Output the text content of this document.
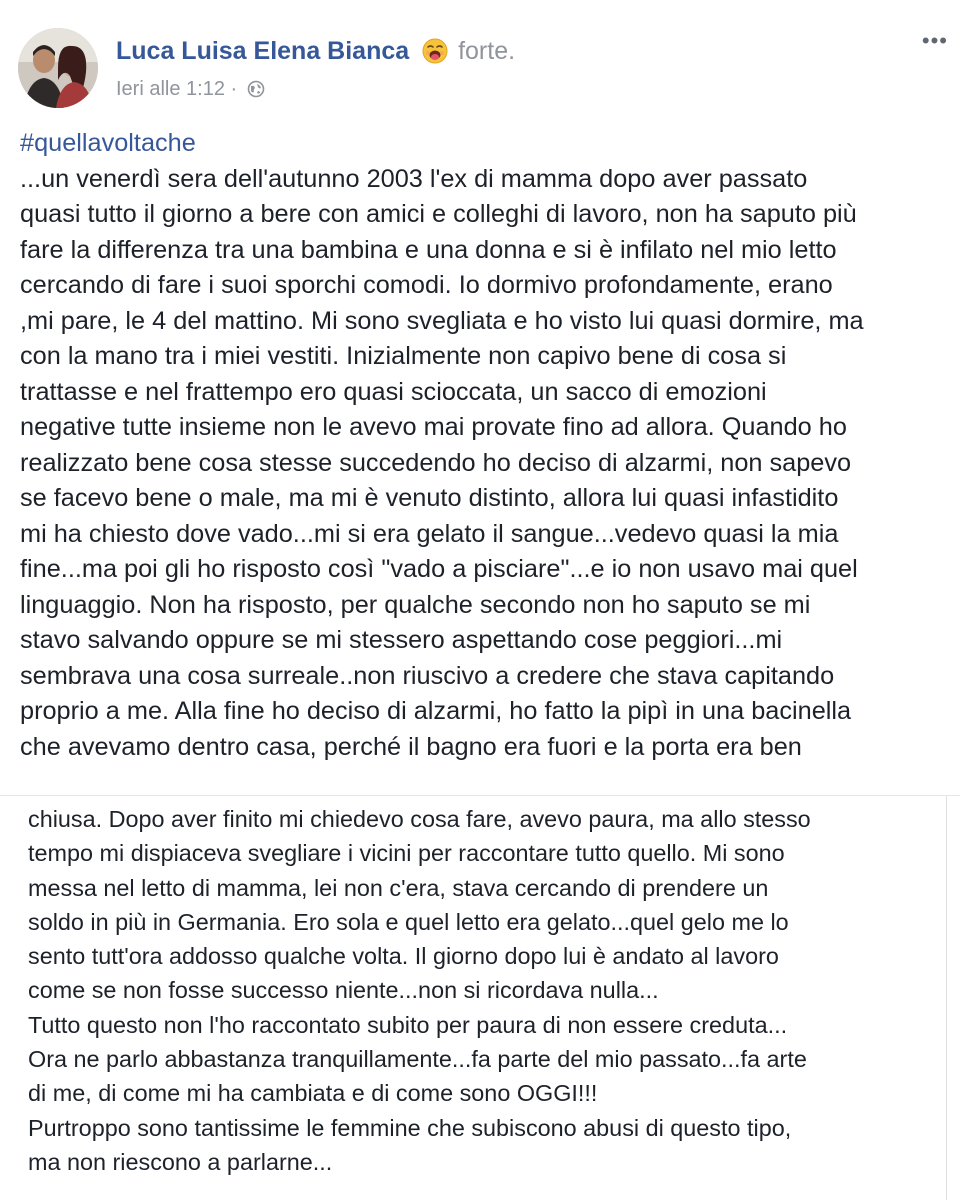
Luca Luisa Elena Bianca forte.
Ieri alle 1:12 ·
•••
#quellavoltache
...un venerdì sera dell'autunno 2003 l'ex di mamma dopo aver passato
quasi tutto il giorno a bere con amici e colleghi di lavoro, non ha saputo più
fare la differenza tra una bambina e una donna e si è infilato nel mio letto
cercando di fare i suoi sporchi comodi. Io dormivo profondamente, erano
,mi pare, le 4 del mattino. Mi sono svegliata e ho visto lui quasi dormire, ma
con la mano tra i miei vestiti. Inizialmente non capivo bene di cosa si
trattasse e nel frattempo ero quasi scioccata, un sacco di emozioni
negative tutte insieme non le avevo mai provate fino ad allora. Quando ho
realizzato bene cosa stesse succedendo ho deciso di alzarmi, non sapevo
se facevo bene o male, ma mi è venuto distinto, allora lui quasi infastidito
mi ha chiesto dove vado...mi si era gelato il sangue...vedevo quasi la mia
fine...ma poi gli ho risposto così "vado a pisciare"...e io non usavo mai quel
linguaggio. Non ha risposto, per qualche secondo non ho saputo se mi
stavo salvando oppure se mi stessero aspettando cose peggiori...mi
sembrava una cosa surreale..non riuscivo a credere che stava capitando
proprio a me. Alla fine ho deciso di alzarmi, ho fatto la pipì in una bacinella
che avevamo dentro casa, perché il bagno era fuori e la porta era ben
chiusa. Dopo aver finito mi chiedevo cosa fare, avevo paura, ma allo stesso
tempo mi dispiaceva svegliare i vicini per raccontare tutto quello. Mi sono
messa nel letto di mamma, lei non c'era, stava cercando di prendere un
soldo in più in Germania. Ero sola e quel letto era gelato...quel gelo me lo
sento tutt'ora addosso qualche volta. Il giorno dopo lui è andato al lavoro
come se non fosse successo niente...non si ricordava nulla...
Tutto questo non l'ho raccontato subito per paura di non essere creduta...
Ora ne parlo abbastanza tranquillamente...fa parte del mio passato...fa arte
di me, di come mi ha cambiata e di come sono OGGI!!!
Purtroppo sono tantissime le femmine che subiscono abusi di questo tipo,
ma non riescono a parlarne...
